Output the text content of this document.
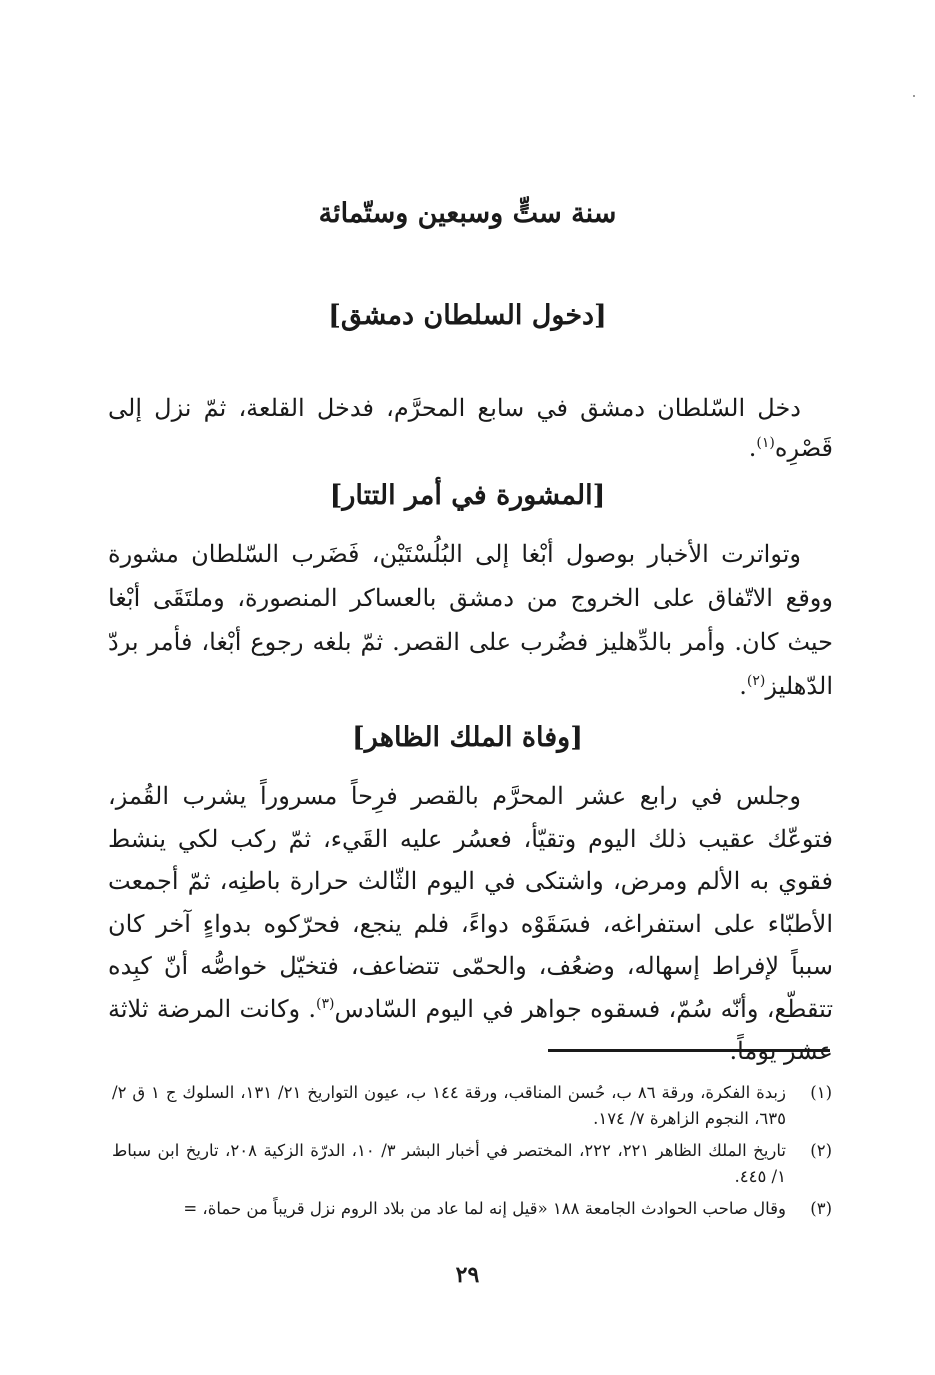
سنة ستٍّ وسبعين وستّمائة
[دخول السلطان دمشق]

دخل السّلطان دمشق في سابع المحرَّم، فدخل القلعة، ثمّ نزل إلى قَصْرِه$^{(١)}$.

[المشورة في أمر التتار]

وتواترت الأخبار بوصول أبْغا إلى البُلُسْتَيْن، فَضَرب السّلطان مشورة ووقع الاتّفاق على الخروج من دمشق بالعساكر المنصورة، وملتَقَى أبْغا حيث كان. وأمر بالدِّهليز فضُرب على القصر. ثمّ بلغه رجوع أبْغا، فأمر بردّ الدّهليز$^{(٢)}$.

[وفاة الملك الظاهر]

وجلس في رابع عشر المحرَّم بالقصر فرِحاً مسروراً يشرب القُمز، فتوعّك عقيب ذلك اليوم وتقيّأ، فعسُر عليه القَيء، ثمّ ركب لكي ينشط فقوي به الألم ومرض، واشتكى في اليوم الثّالث حرارة باطنِه، ثمّ أجمعت الأطبّاء على استفراغه، فسَقَوْه دواءً، فلم ينجع، فحرّكوه بدواءٍ آخر كان سبباً لإفراط إسهاله، وضعُف، والحمّى تتضاعف، فتخيّل خواصُّه أنّ كبِده تتقطّع، وأنّه سُمّ، فسقوه جواهر في اليوم السّادس$^{(٣)}$. وكانت المرضة ثلاثة عشر يوماً.

(١)
زبدة الفكرة، ورقة ٨٦ ب، حُسن المناقب، ورقة ١٤٤ ب، عيون التواريخ ٢١/ ١٣١، السلوك ج ١ ق ٢/ ٦٣٥، النجوم الزاهرة ٧/ ١٧٤.
(٢)
تاريخ الملك الظاهر ٢٢١، ٢٢٢، المختصر في أخبار البشر ٣/ ١٠، الدرّة الزكية ٢٠٨، تاريخ ابن سباط ١/ ٤٤٥.
(٣)
وقال صاحب الحوادث الجامعة ١٨٨ «قيل إنه لما عاد من بلاد الروم نزل قريباً من حماة، =
٢٩
